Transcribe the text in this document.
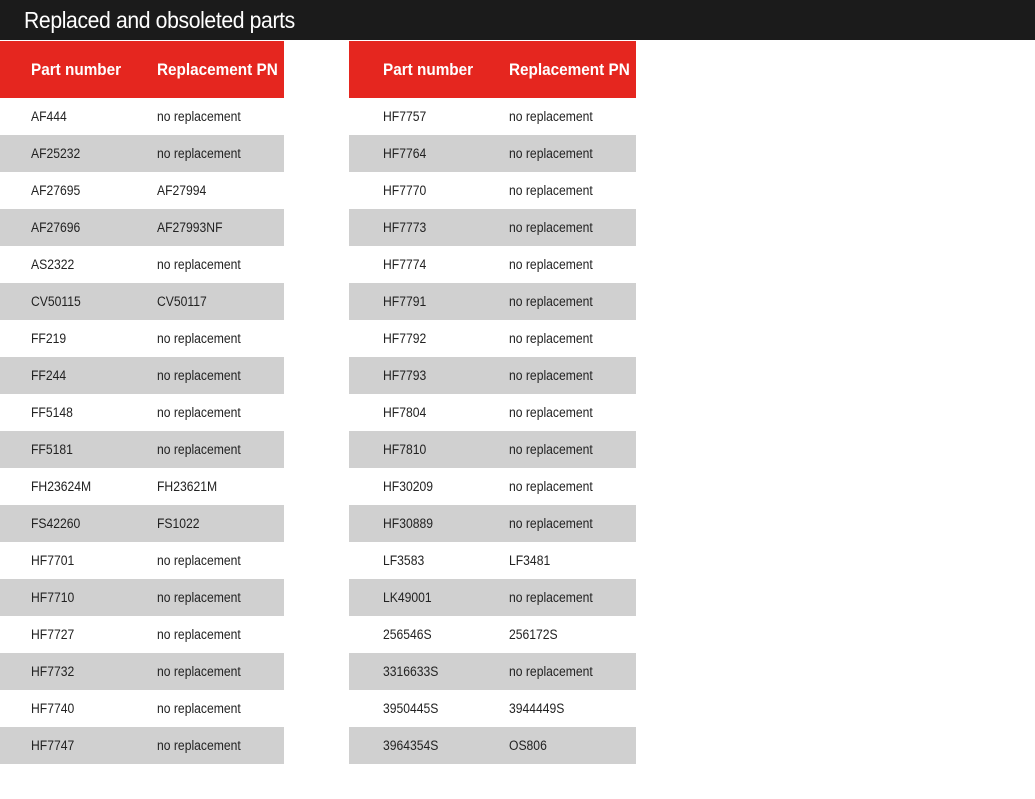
Replaced and obsoleted parts
Part number	Replacement PN
AF444	no replacement
AF25232	no replacement
AF27695	AF27994
AF27696	AF27993NF
AS2322	no replacement
CV50115	CV50117
FF219	no replacement
FF244	no replacement
FF5148	no replacement
FF5181	no replacement
FH23624M	FH23621M
FS42260	FS1022
HF7701	no replacement
HF7710	no replacement
HF7727	no replacement
HF7732	no replacement
HF7740	no replacement
HF7747	no replacement
Part number	Replacement PN
HF7757	no replacement
HF7764	no replacement
HF7770	no replacement
HF7773	no replacement
HF7774	no replacement
HF7791	no replacement
HF7792	no replacement
HF7793	no replacement
HF7804	no replacement
HF7810	no replacement
HF30209	no replacement
HF30889	no replacement
LF3583	LF3481
LK49001	no replacement
256546S	256172S
3316633S	no replacement
3950445S	3944449S
3964354S	OS806
